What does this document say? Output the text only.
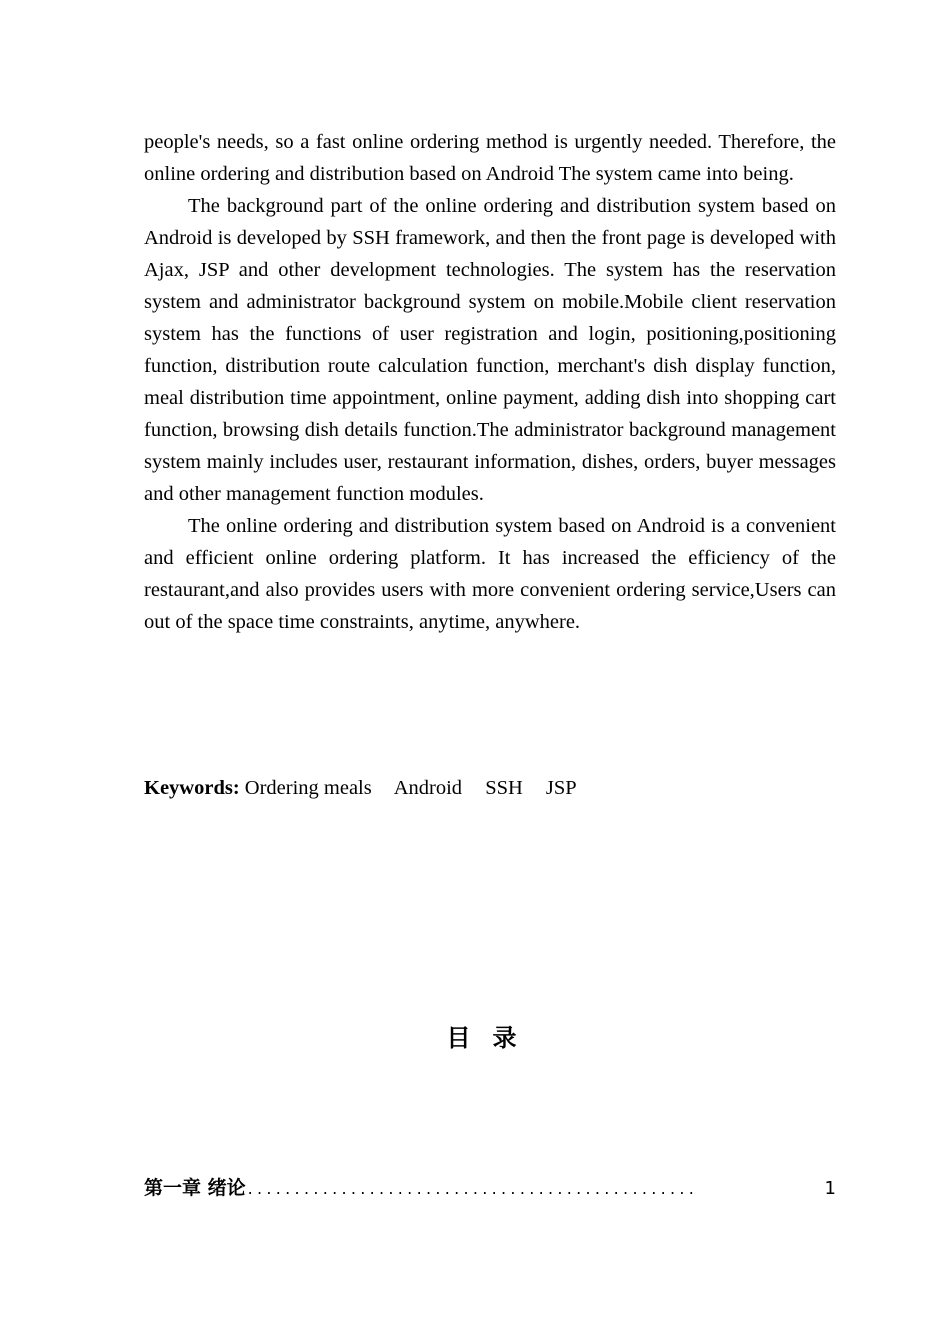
people's needs, so a fast online ordering method is urgently needed. Therefore, the online ordering and distribution based on Android The system came into being.

The background part of the online ordering and distribution system based on Android is developed by SSH framework, and then the front page is developed with Ajax, JSP and other development technologies. The system has the reservation system and administrator background system on mobile.Mobile client reservation system has the functions of user registration and login, positioning,positioning function, distribution route calculation function, merchant's dish display function, meal distribution time appointment, online payment, adding dish into shopping cart function, browsing dish details function.The administrator background management system mainly includes user, restaurant information, dishes, orders, buyer messages and other management function modules.

The online ordering and distribution system based on Android is a convenient and efficient online ordering platform. It has increased the efficiency of the restaurant,and also provides users with more convenient ordering service,Users can out of the space time constraints, anytime, anywhere.

Keywords: Ordering meals Android SSH JSP
目录
第一章 绪论 ................................................	1
